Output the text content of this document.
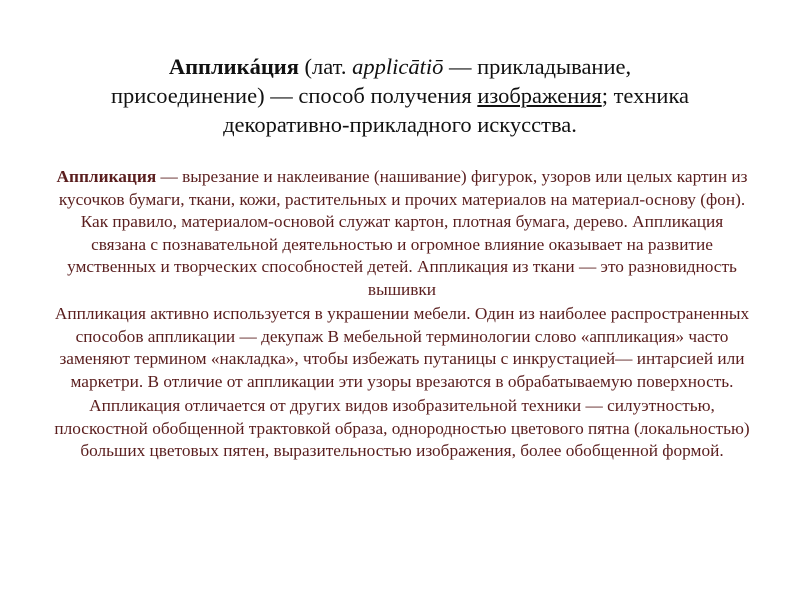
Аппликáция (лат. applicātiō — прикладывание, присоединение) — способ получения изображения; техника декоративно-прикладного искусства.

Аппликация — вырезание и наклеивание (нашивание) фигурок, узоров или целых картин из кусочков бумаги, ткани, кожи, растительных и прочих материалов на материал-основу (фон). Как правило, материалом-основой служат картон, плотная бумага, дерево. Аппликация связана с познавательной деятельностью и огромное влияние оказывает на развитие умственных и творческих способностей детей. Аппликация из ткани — это разновидность вышивки

Аппликация активно используется в украшении мебели. Один из наиболее распространенных способов аппликации — декупаж В мебельной терминологии слово «аппликация» часто заменяют термином «накладка», чтобы избежать путаницы с инкрустацией— интарсией или маркетри. В отличие от аппликации эти узоры врезаются в обрабатываемую поверхность.

Аппликация отличается от других видов изобразительной техники — силуэтностью, плоскостной обобщенной трактовкой образа, однородностью цветового пятна (локальностью) больших цветовых пятен, выразительностью изображения, более обобщенной формой.
